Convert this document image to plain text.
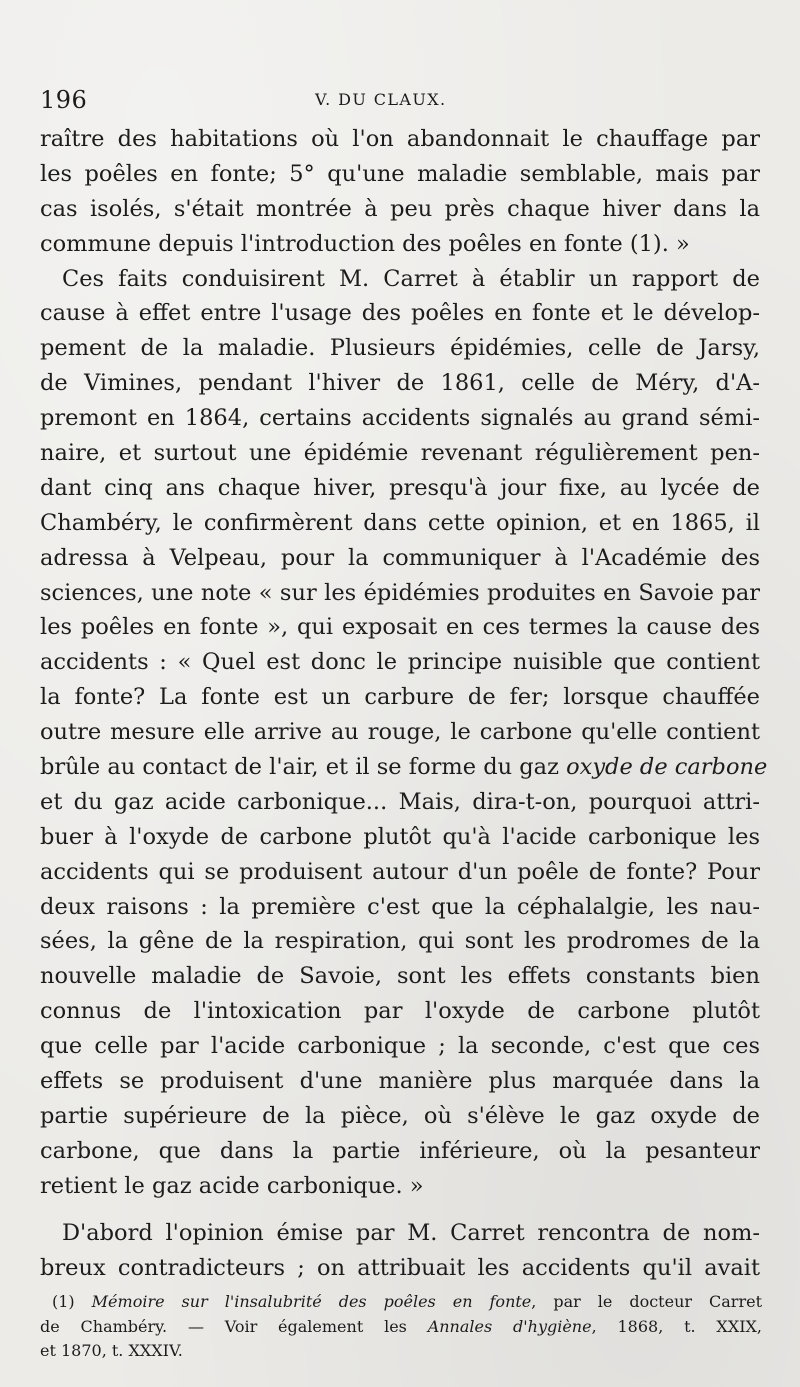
196	V. DU CLAUX.
raître des habitations où l'on abandonnait le chauffage par
les poêles en fonte; 5° qu'une maladie semblable, mais par
cas isolés, s'était montrée à peu près chaque hiver dans la
commune depuis l'introduction des poêles en fonte (1). »
Ces faits conduisirent M. Carret à établir un rapport de
cause à effet entre l'usage des poêles en fonte et le dévelop-
pement de la maladie. Plusieurs épidémies, celle de Jarsy,
de Vimines, pendant l'hiver de 1861, celle de Méry, d'A-
premont en 1864, certains accidents signalés au grand sémi-
naire, et surtout une épidémie revenant régulièrement pen-
dant cinq ans chaque hiver, presqu'à jour fixe, au lycée de
Chambéry, le confirmèrent dans cette opinion, et en 1865, il
adressa à Velpeau, pour la communiquer à l'Académie des
sciences, une note « sur les épidémies produites en Savoie par
les poêles en fonte », qui exposait en ces termes la cause des
accidents : « Quel est donc le principe nuisible que contient
la fonte? La fonte est un carbure de fer; lorsque chauffée
outre mesure elle arrive au rouge, le carbone qu'elle contient
brûle au contact de l'air, et il se forme du gaz oxyde de carbone
et du gaz acide carbonique... Mais, dira-t-on, pourquoi attri-
buer à l'oxyde de carbone plutôt qu'à l'acide carbonique les
accidents qui se produisent autour d'un poêle de fonte? Pour
deux raisons : la première c'est que la céphalalgie, les nau-
sées, la gêne de la respiration, qui sont les prodromes de la
nouvelle maladie de Savoie, sont les effets constants bien
connus de l'intoxication par l'oxyde de carbone plutôt
que celle par l'acide carbonique ; la seconde, c'est que ces
effets se produisent d'une manière plus marquée dans la
partie supérieure de la pièce, où s'élève le gaz oxyde de
carbone, que dans la partie inférieure, où la pesanteur
retient le gaz acide carbonique. »
D'abord l'opinion émise par M. Carret rencontra de nom-
breux contradicteurs ; on attribuait les accidents qu'il avait
(1) Mémoire sur l'insalubrité des poêles en fonte, par le docteur Carret
de Chambéry. — Voir également les Annales d'hygiène, 1868, t. XXIX,
et 1870, t. XXXIV.
